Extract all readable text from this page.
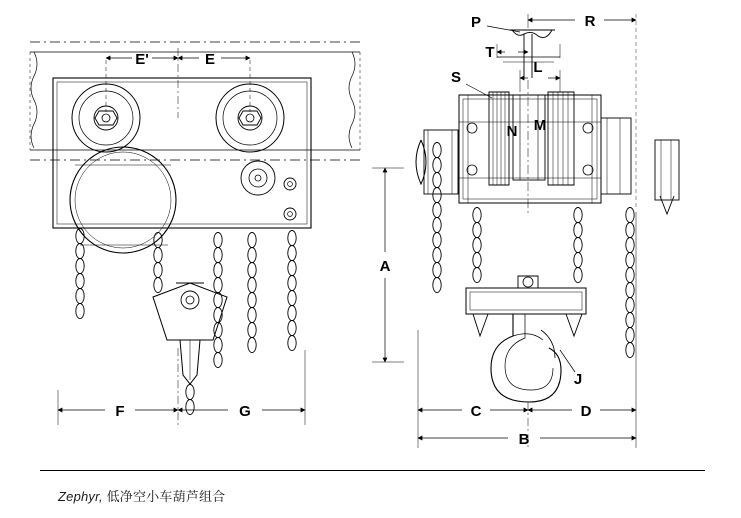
E'	E
A
F	G
P	R
T
L
S
N M
J
C	D
B
Zephyr, 低净空小车葫芦组合
